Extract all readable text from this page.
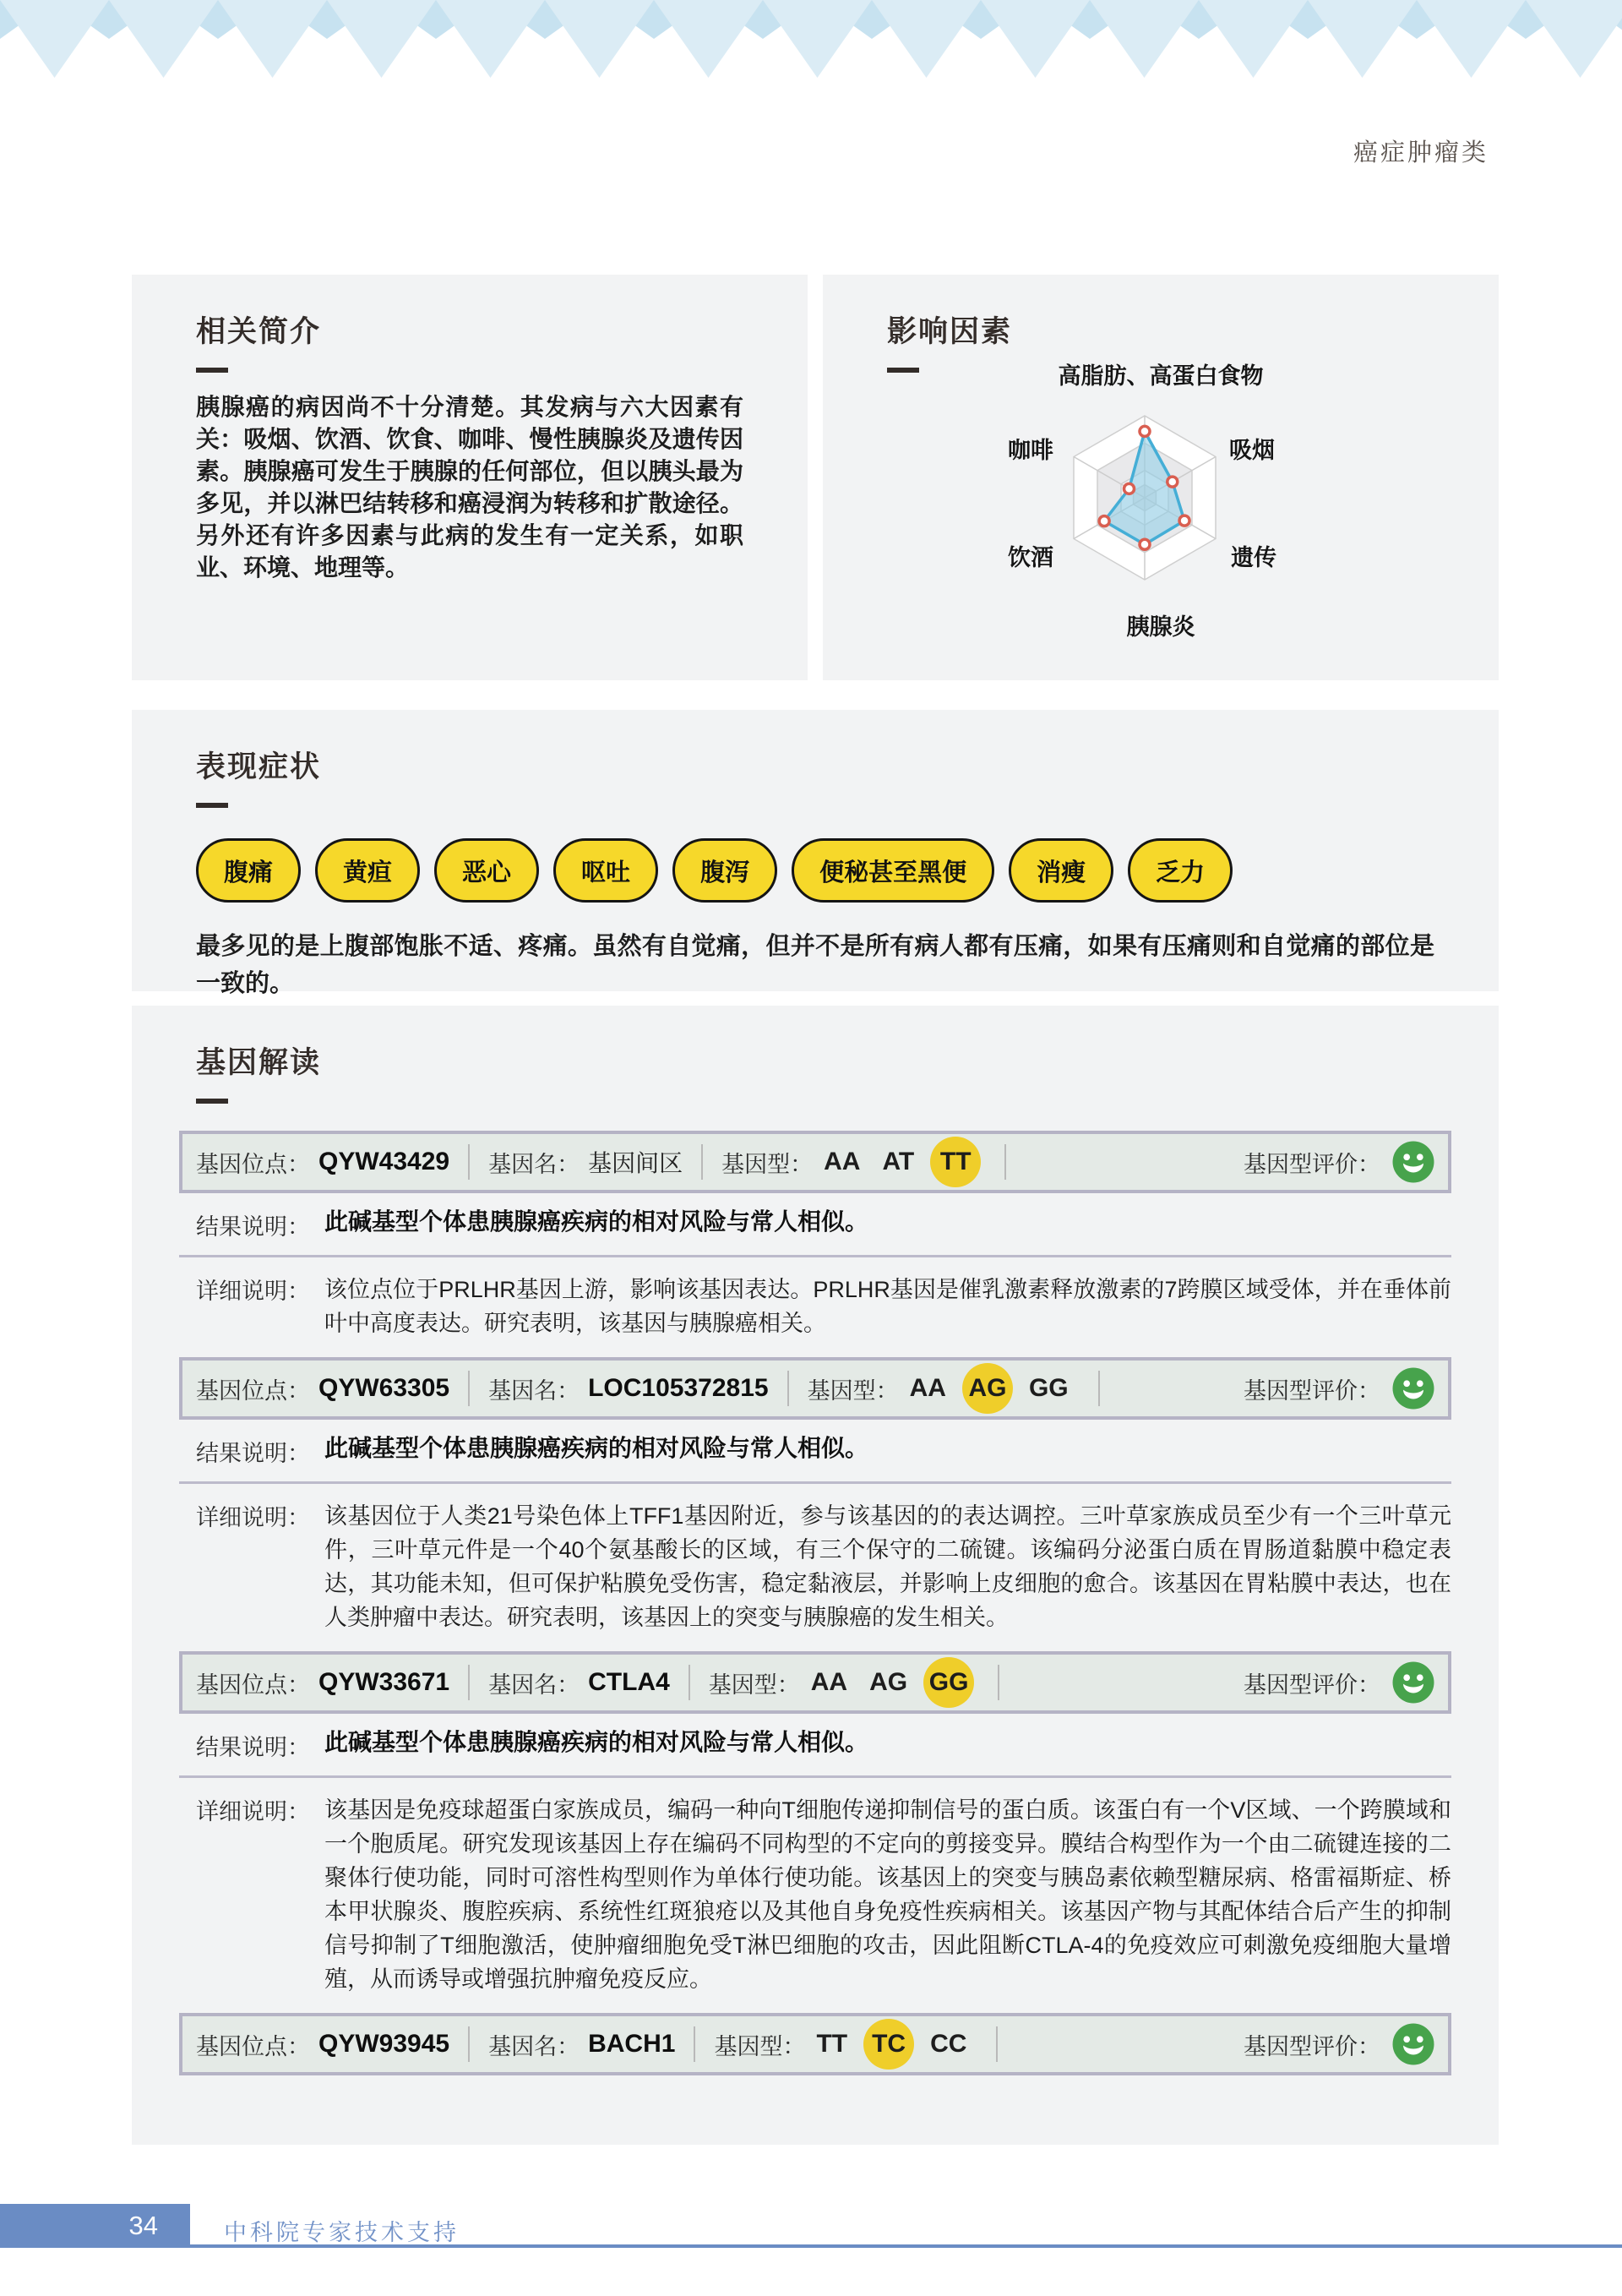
癌症肿瘤类
相关简介
胰腺癌的病因尚不十分清楚。其发病与六大因素有关：吸烟、饮酒、饮食、咖啡、慢性胰腺炎及遗传因素。胰腺癌可发生于胰腺的任何部位，但以胰头最为多见，并以淋巴结转移和癌浸润为转移和扩散途径。另外还有许多因素与此病的发生有一定关系，如职业、环境、地理等。
影响因素
高脂肪、高蛋白食物
吸烟
遗传
胰腺炎
饮酒
咖啡
表现症状
腹痛	黄疸	恶心	呕吐	腹泻	便秘甚至黑便	消瘦	乏力
最多见的是上腹部饱胀不适、疼痛。虽然有自觉痛，但并不是所有病人都有压痛，如果有压痛则和自觉痛的部位是一致的。
基因解读
基因位点： QYW43429 基因名： 基因间区 基因型： AA AT	TT	基因型评价：
结果说明： 此碱基型个体患胰腺癌疾病的相对风险与常人相似。
详细说明： 该位点位于PRLHR基因上游，影响该基因表达。PRLHR基因是催乳激素释放激素的7跨膜区域受体，并在垂体前叶中高度表达。研究表明，该基因与胰腺癌相关。
基因位点： QYW63305 基因名： LOC105372815 基因型： AA AG GG	基因型评价：
结果说明： 此碱基型个体患胰腺癌疾病的相对风险与常人相似。
详细说明： 该基因位于人类21号染色体上TFF1基因附近，参与该基因的的表达调控。三叶草家族成员至少有一个三叶草元件，三叶草元件是一个40个氨基酸长的区域，有三个保守的二硫键。该编码分泌蛋白质在胃肠道黏膜中稳定表达，其功能未知，但可保护粘膜免受伤害，稳定黏液层，并影响上皮细胞的愈合。该基因在胃粘膜中表达，也在人类肿瘤中表达。研究表明，该基因上的突变与胰腺癌的发生相关。
基因位点： QYW33671 基因名： CTLA4 基因型： AA AG GG	基因型评价：
结果说明： 此碱基型个体患胰腺癌疾病的相对风险与常人相似。
详细说明： 该基因是免疫球超蛋白家族成员，编码一种向T细胞传递抑制信号的蛋白质。该蛋白有一个V区域、一个跨膜域和一个胞质尾。研究发现该基因上存在编码不同构型的不定向的剪接变异。膜结合构型作为一个由二硫键连接的二聚体行使功能，同时可溶性构型则作为单体行使功能。该基因上的突变与胰岛素依赖型糖尿病、格雷福斯症、桥本甲状腺炎、腹腔疾病、系统性红斑狼疮以及其他自身免疫性疾病相关。该基因产物与其配体结合后产生的抑制信号抑制了T细胞激活，使肿瘤细胞免受T淋巴细胞的攻击，因此阻断CTLA-4的免疫效应可刺激免疫细胞大量增殖，从而诱导或增强抗肿瘤免疫反应。
基因位点： QYW93945 基因名： BACH1 基因型： TT TC CC	基因型评价：
34	中科院专家技术支持
